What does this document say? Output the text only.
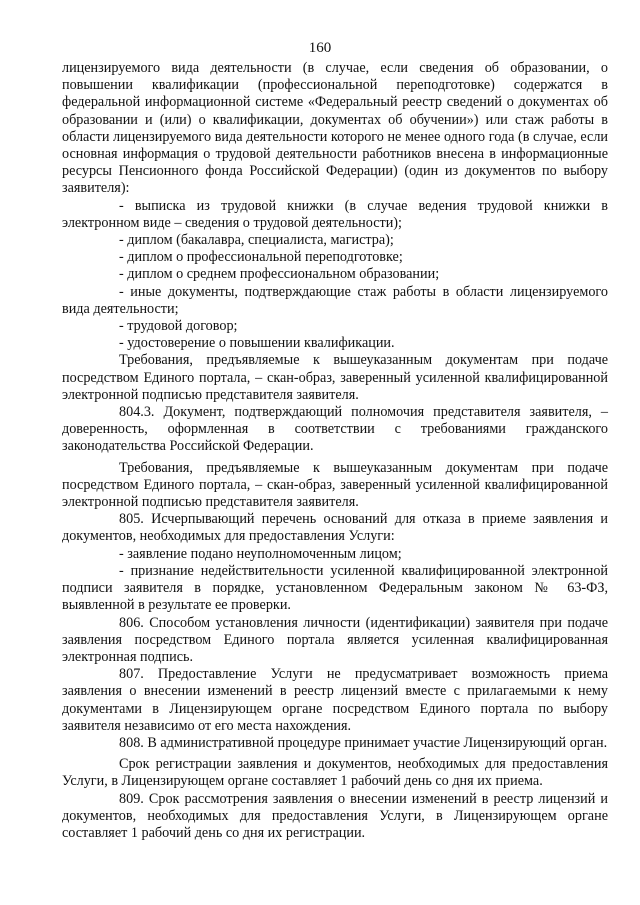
160

лицензируемого вида деятельности (в случае, если сведения об образовании, о повышении квалификации (профессиональной переподготовке) содержатся в федеральной информационной системе «Федеральный реестр сведений о документах об образовании и (или) о квалификации, документах об обучении») или стаж работы в области лицензируемого вида деятельности которого не менее одного года (в случае, если основная информация о трудовой деятельности работников внесена в информационные ресурсы Пенсионного фонда Российской Федерации) (один из документов по выбору заявителя):

- выписка из трудовой книжки (в случае ведения трудовой книжки в электронном виде – сведения о трудовой деятельности);

- диплом (бакалавра, специалиста, магистра);

- диплом о профессиональной переподготовке;

- диплом о среднем профессиональном образовании;

- иные документы, подтверждающие стаж работы в области лицензируемого вида деятельности;

- трудовой договор;

- удостоверение о повышении квалификации.

Требования, предъявляемые к вышеуказанным документам при подаче посредством Единого портала, – скан-образ, заверенный усиленной квалифицированной электронной подписью представителя заявителя.

804.3. Документ, подтверждающий полномочия представителя заявителя, – доверенность, оформленная в соответствии с требованиями гражданского законодательства Российской Федерации.

Требования, предъявляемые к вышеуказанным документам при подаче посредством Единого портала, – скан-образ, заверенный усиленной квалифицированной электронной подписью представителя заявителя.

805. Исчерпывающий перечень оснований для отказа в приеме заявления и документов, необходимых для предоставления Услуги:

- заявление подано неуполномоченным лицом;

- признание недействительности усиленной квалифицированной электронной подписи заявителя в порядке, установленном Федеральным законом № 63-ФЗ, выявленной в результате ее проверки.

806. Способом установления личности (идентификации) заявителя при подаче заявления посредством Единого портала является усиленная квалифицированная электронная подпись.

807. Предоставление Услуги не предусматривает возможность приема заявления о внесении изменений в реестр лицензий вместе с прилагаемыми к нему документами в Лицензирующем органе посредством Единого портала по выбору заявителя независимо от его места нахождения.

808. В административной процедуре принимает участие Лицензирующий орган.

Срок регистрации заявления и документов, необходимых для предоставления Услуги, в Лицензирующем органе составляет 1 рабочий день со дня их приема.

809. Срок рассмотрения заявления о внесении изменений в реестр лицензий и документов, необходимых для предоставления Услуги, в Лицензирующем органе составляет 1 рабочий день со дня их регистрации.
